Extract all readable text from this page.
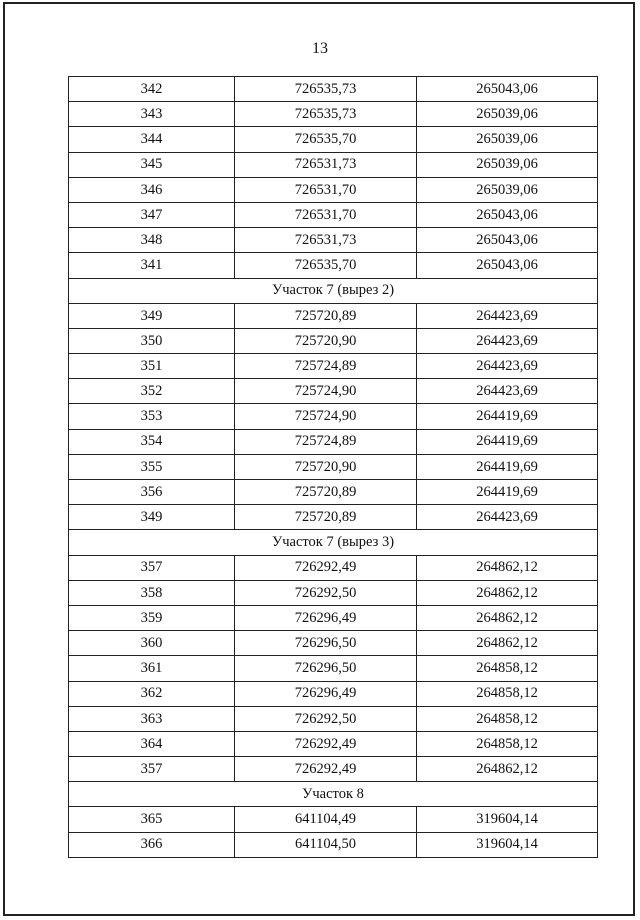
13
342	726535,73	265043,06
343	726535,73	265039,06
344	726535,70	265039,06
345	726531,73	265039,06
346	726531,70	265039,06
347	726531,70	265043,06
348	726531,73	265043,06
341	726535,70	265043,06
Участок 7 (вырез 2)		
349	725720,89	264423,69
350	725720,90	264423,69
351	725724,89	264423,69
352	725724,90	264423,69
353	725724,90	264419,69
354	725724,89	264419,69
355	725720,90	264419,69
356	725720,89	264419,69
349	725720,89	264423,69
Участок 7 (вырез 3)		
357	726292,49	264862,12
358	726292,50	264862,12
359	726296,49	264862,12
360	726296,50	264862,12
361	726296,50	264858,12
362	726296,49	264858,12
363	726292,50	264858,12
364	726292,49	264858,12
357	726292,49	264862,12
Участок 8		
365	641104,49	319604,14
366	641104,50	319604,14
